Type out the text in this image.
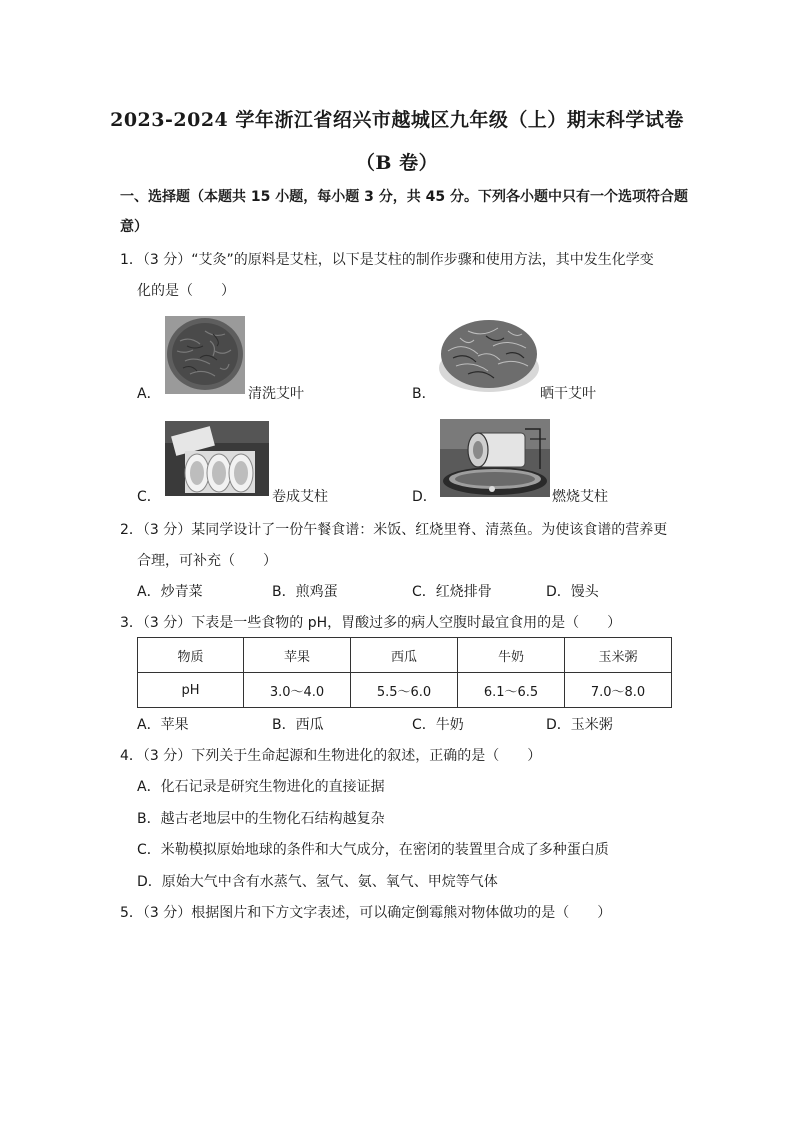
2023-2024 学年浙江省绍兴市越城区九年级（上）期末科学试卷
（B 卷）
一、选择题（本题共 15 小题，每小题 3 分，共 45 分。下列各小题中只有一个选项符合题
意）
1．（3 分）“艾灸”的原料是艾柱，以下是艾柱的制作步骤和使用方法，其中发生化学变
化的是（　　）
A．	清洗艾叶	B．	晒干艾叶
C．	卷成艾柱	D．	燃烧艾柱
2．（3 分）某同学设计了一份午餐食谱：米饭、红烧里脊、清蒸鱼。为使该食谱的营养更
合理，可补充（　　）
A．炒青菜	B．煎鸡蛋	C．红烧排骨	D．馒头
3．（3 分）下表是一些食物的 pH，胃酸过多的病人空腹时最宜食用的是（　　）
物质	苹果	西瓜	牛奶	玉米粥
pH	3.0～4.0	5.5～6.0	6.1～6.5	7.0～8.0
A．苹果	B．西瓜	C．牛奶	D．玉米粥
4．（3 分）下列关于生命起源和生物进化的叙述，正确的是（　　）
A．化石记录是研究生物进化的直接证据
B．越古老地层中的生物化石结构越复杂
C．米勒模拟原始地球的条件和大气成分，在密闭的装置里合成了多种蛋白质
D．原始大气中含有水蒸气、氢气、氨、氧气、甲烷等气体
5．（3 分）根据图片和下方文字表述，可以确定倒霉熊对物体做功的是（　　）
